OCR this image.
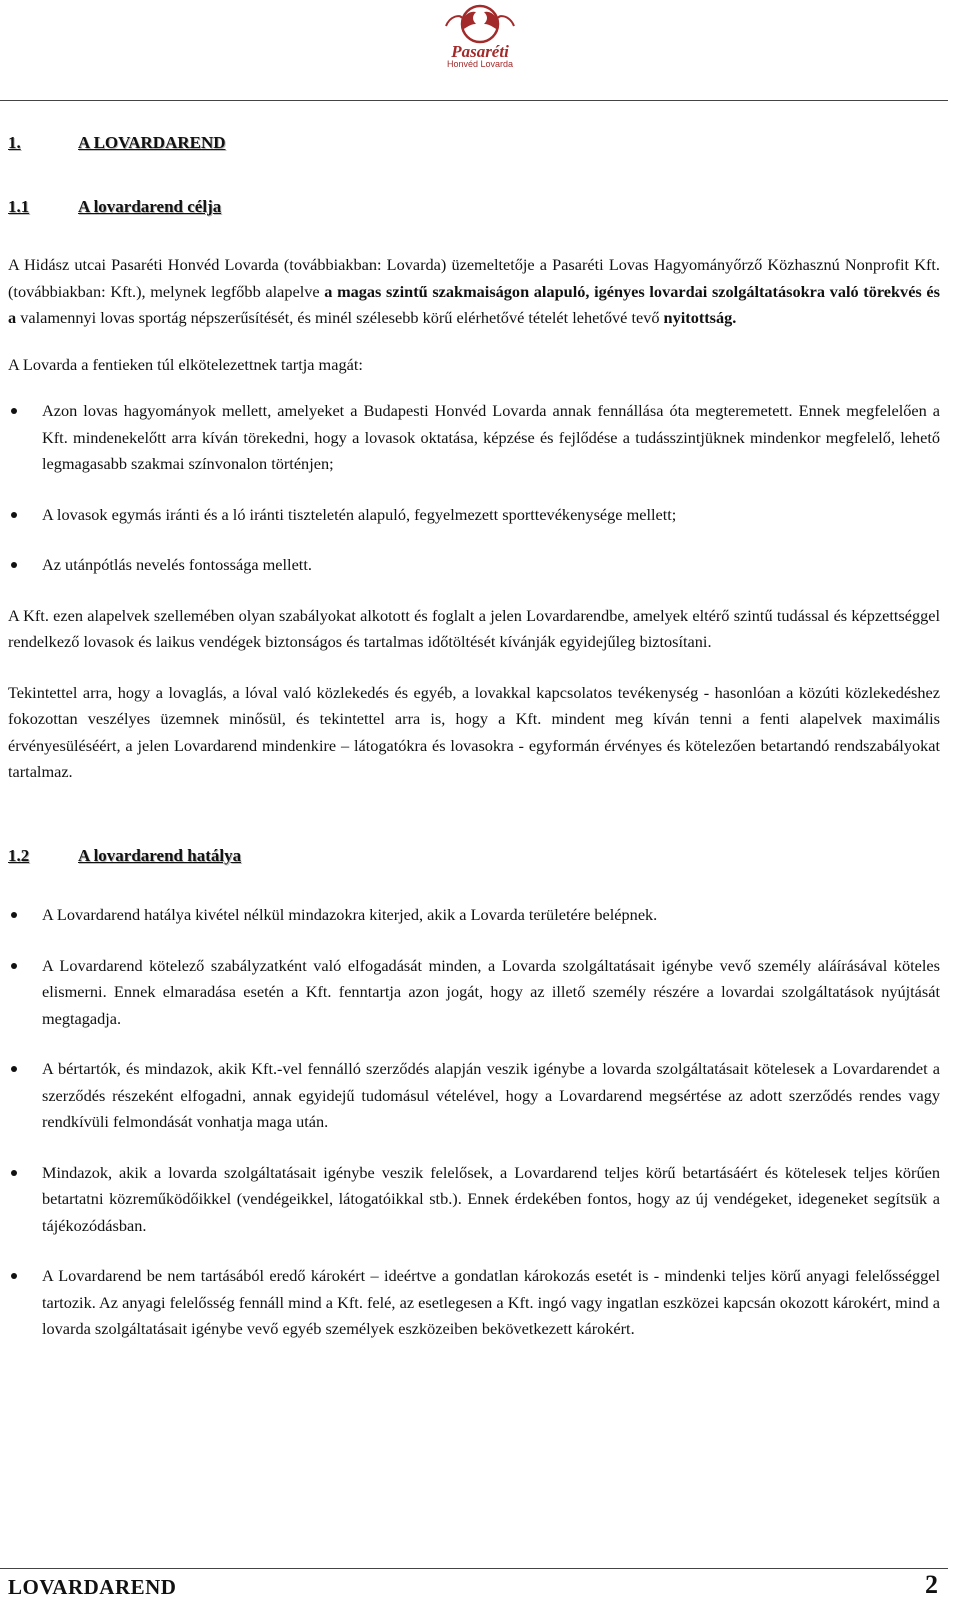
Pasaréti
Honvéd Lovarda
1.	A LOVARDAREND
1.1	A lovardarend célja

A Hidász utcai Pasaréti Honvéd Lovarda (továbbiakban: Lovarda) üzemeltetője a Pasaréti Lovas Hagyományőrző Közhasznú Nonprofit Kft. (továbbiakban: Kft.), melynek legfőbb alapelve a magas szintű szakmaiságon alapuló, igényes lovardai szolgáltatásokra való törekvés és a valamennyi lovas sportág népszerűsítését, és minél szélesebb körű elérhetővé tételét lehetővé tevő nyitottság.

A Lovarda a fentieken túl elkötelezettnek tartja magát:

Azon lovas hagyományok mellett, amelyeket a Budapesti Honvéd Lovarda annak fennállása óta megteremetett. Ennek megfelelően a Kft. mindenekelőtt arra kíván törekedni, hogy a lovasok oktatása, képzése és fejlődése a tudásszintjüknek mindenkor megfelelő, lehető legmagasabb szakmai színvonalon történjen;
A lovasok egymás iránti és a ló iránti tiszteletén alapuló, fegyelmezett sporttevékenysége mellett;
Az utánpótlás nevelés fontossága mellett.

A Kft. ezen alapelvek szellemében olyan szabályokat alkotott és foglalt a jelen Lovardarendbe, amelyek eltérő szintű tudással és képzettséggel rendelkező lovasok és laikus vendégek biztonságos és tartalmas időtöltését kívánják egyidejűleg biztosítani.

Tekintettel arra, hogy a lovaglás, a lóval való közlekedés és egyéb, a lovakkal kapcsolatos tevékenység - hasonlóan a közúti közlekedéshez fokozottan veszélyes üzemnek minősül, és tekintettel arra is, hogy a Kft. mindent meg kíván tenni a fenti alapelvek maximális érvényesüléséért, a jelen Lovardarend mindenkire – látogatókra és lovasokra - egyformán érvényes és kötelezően betartandó rendszabályokat tartalmaz.

1.2	A lovardarend hatálya
A Lovardarend hatálya kivétel nélkül mindazokra kiterjed, akik a Lovarda területére belépnek.
A Lovardarend kötelező szabályzatként való elfogadását minden, a Lovarda szolgáltatásait igénybe vevő személy aláírásával köteles elismerni. Ennek elmaradása esetén a Kft. fenntartja azon jogát, hogy az illető személy részére a lovardai szolgáltatások nyújtását megtagadja.
A bértartók, és mindazok, akik Kft.-vel fennálló szerződés alapján veszik igénybe a lovarda szolgáltatásait kötelesek a Lovardarendet a szerződés részeként elfogadni, annak egyidejű tudomásul vételével, hogy a Lovardarend megsértése az adott szerződés rendes vagy rendkívüli felmondását vonhatja maga után.
Mindazok, akik a lovarda szolgáltatásait igénybe veszik felelősek, a Lovardarend teljes körű betartásáért és kötelesek teljes körűen betartatni közreműködőikkel (vendégeikkel, látogatóikkal stb.). Ennek érdekében fontos, hogy az új vendégeket, idegeneket segítsük a tájékozódásban.
A Lovardarend be nem tartásából eredő károkért – ideértve a gondatlan károkozás esetét is - mindenki teljes körű anyagi felelősséggel tartozik. Az anyagi felelősség fennáll mind a Kft. felé, az esetlegesen a Kft. ingó vagy ingatlan eszközei kapcsán okozott károkért, mind a lovarda szolgáltatásait igénybe vevő egyéb személyek eszközeiben bekövetkezett károkért.
LOVARDAREND	2
